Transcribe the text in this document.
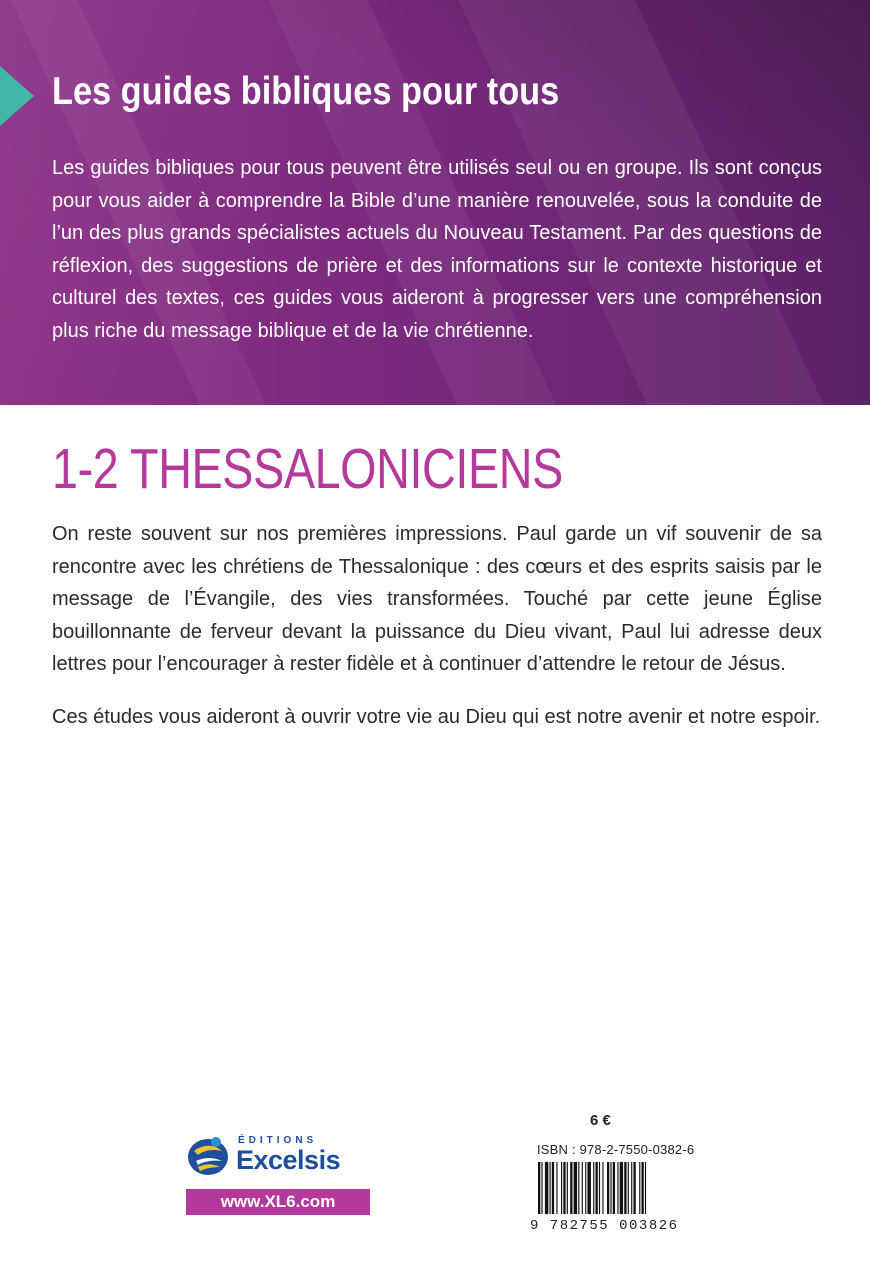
Les guides bibliques pour tous

Les guides bibliques pour tous peuvent être utilisés seul ou en groupe. Ils sont conçus pour vous aider à comprendre la Bible d’une manière renouvelée, sous la conduite de l’un des plus grands spécialistes actuels du Nouveau Testament. Par des questions de réflexion, des suggestions de prière et des informations sur le contexte historique et culturel des textes, ces guides vous aideront à progresser vers une compréhension plus riche du message biblique et de la vie chrétienne.

1-2 THESSALONICIENS

On reste souvent sur nos premières impressions. Paul garde un vif souvenir de sa rencontre avec les chrétiens de Thessalonique : des cœurs et des esprits saisis par le message de l’Évangile, des vies transformées. Touché par cette jeune Église bouillonnante de ferveur devant la puissance du Dieu vivant, Paul lui adresse deux lettres pour l’encourager à rester fidèle et à continuer d’attendre le retour de Jésus.

Ces études vous aideront à ouvrir votre vie au Dieu qui est notre avenir et notre espoir.

ÉDITIONS
Excelsis
www.XL6.com
6 €
ISBN : 978-2-7550-0382-6
9 782755 003826
